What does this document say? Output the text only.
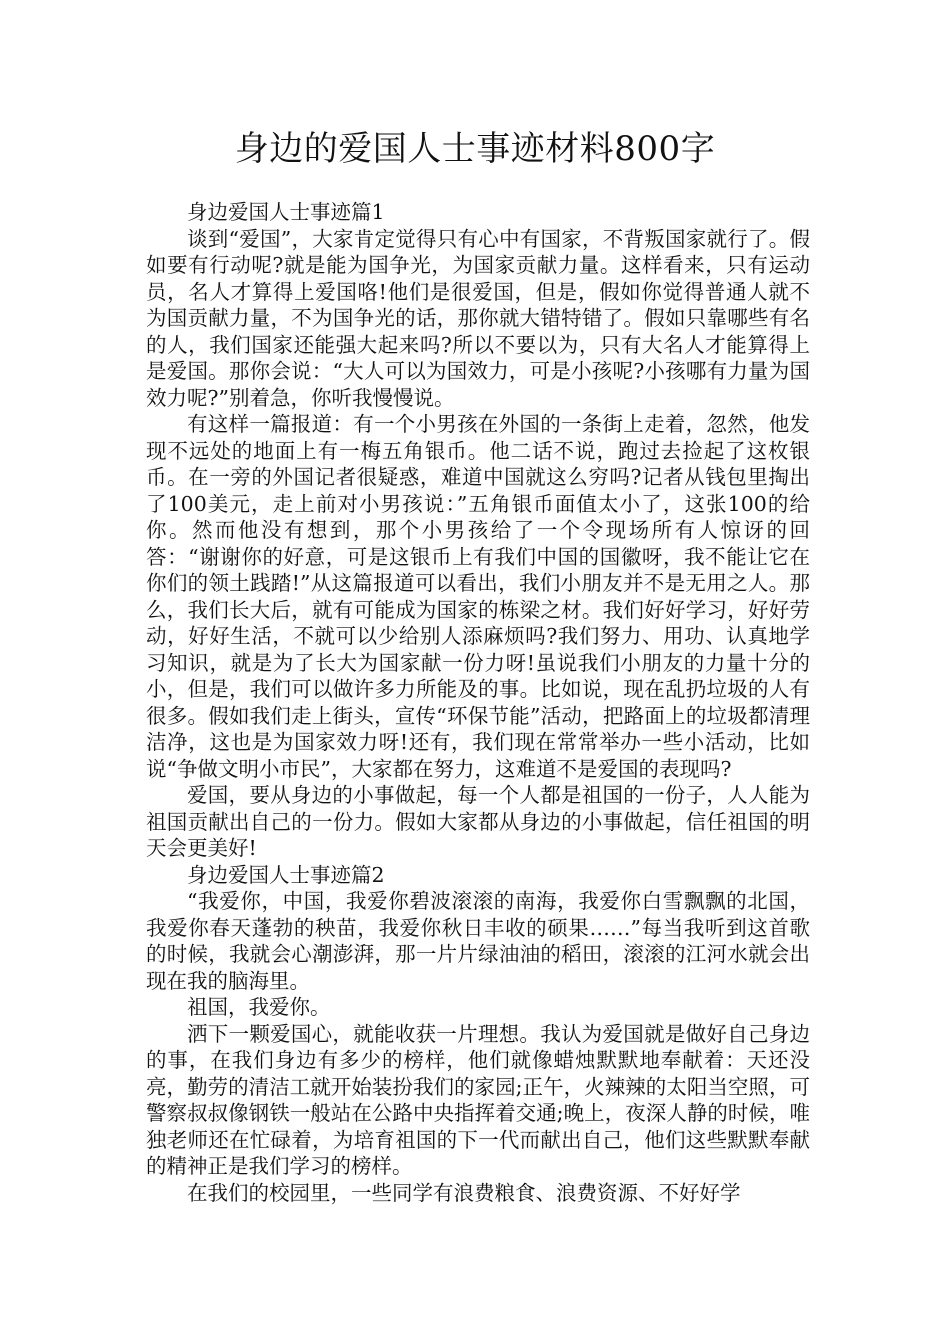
身边的爱国人士事迹材料800字

身边爱国人士事迹篇1

谈到“爱国”，大家肯定觉得只有心中有国家，不背叛国家就行了。假如要有行动呢?就是能为国争光，为国家贡献力量。这样看来，只有运动员，名人才算得上爱国咯!他们是很爱国，但是，假如你觉得普通人就不为国贡献力量，不为国争光的话，那你就大错特错了。假如只靠哪些有名的人，我们国家还能强大起来吗?所以不要以为，只有大名人才能算得上是爱国。那你会说：“大人可以为国效力，可是小孩呢?小孩哪有力量为国效力呢?”别着急，你听我慢慢说。

有这样一篇报道：有一个小男孩在外国的一条街上走着，忽然，他发现不远处的地面上有一梅五角银币。他二话不说，跑过去捡起了这枚银币。在一旁的外国记者很疑惑，难道中国就这么穷吗?记者从钱包里掏出了100美元，走上前对小男孩说：”五角银币面值太小了，这张100的给你。然而他没有想到，那个小男孩给了一个令现场所有人惊讶的回答：“谢谢你的好意，可是这银币上有我们中国的国徽呀，我不能让它在你们的领土践踏!”从这篇报道可以看出，我们小朋友并不是无用之人。那么，我们长大后，就有可能成为国家的栋梁之材。我们好好学习，好好劳动，好好生活，不就可以少给别人添麻烦吗?我们努力、用功、认真地学习知识，就是为了长大为国家献一份力呀!虽说我们小朋友的力量十分的小，但是，我们可以做许多力所能及的事。比如说，现在乱扔垃圾的人有很多。假如我们走上街头，宣传“环保节能”活动，把路面上的垃圾都清理洁净，这也是为国家效力呀!还有，我们现在常常举办一些小活动，比如说“争做文明小市民”，大家都在努力，这难道不是爱国的表现吗?

爱国，要从身边的小事做起，每一个人都是祖国的一份子，人人能为祖国贡献出自己的一份力。假如大家都从身边的小事做起，信任祖国的明天会更美好!

身边爱国人士事迹篇2

“我爱你，中国，我爱你碧波滚滚的南海，我爱你白雪飘飘的北国，我爱你春天蓬勃的秧苗，我爱你秋日丰收的硕果……”每当我听到这首歌的时候，我就会心潮澎湃，那一片片绿油油的稻田，滚滚的江河水就会出现在我的脑海里。

祖国，我爱你。

洒下一颗爱国心，就能收获一片理想。我认为爱国就是做好自己身边的事，在我们身边有多少的榜样，他们就像蜡烛默默地奉献着：天还没亮，勤劳的清洁工就开始装扮我们的家园;正午，火辣辣的太阳当空照，可警察叔叔像钢铁一般站在公路中央指挥着交通;晚上，夜深人静的时候，唯独老师还在忙碌着，为培育祖国的下一代而献出自己，他们这些默默奉献的精神正是我们学习的榜样。

在我们的校园里，一些同学有浪费粮食、浪费资源、不好好学
